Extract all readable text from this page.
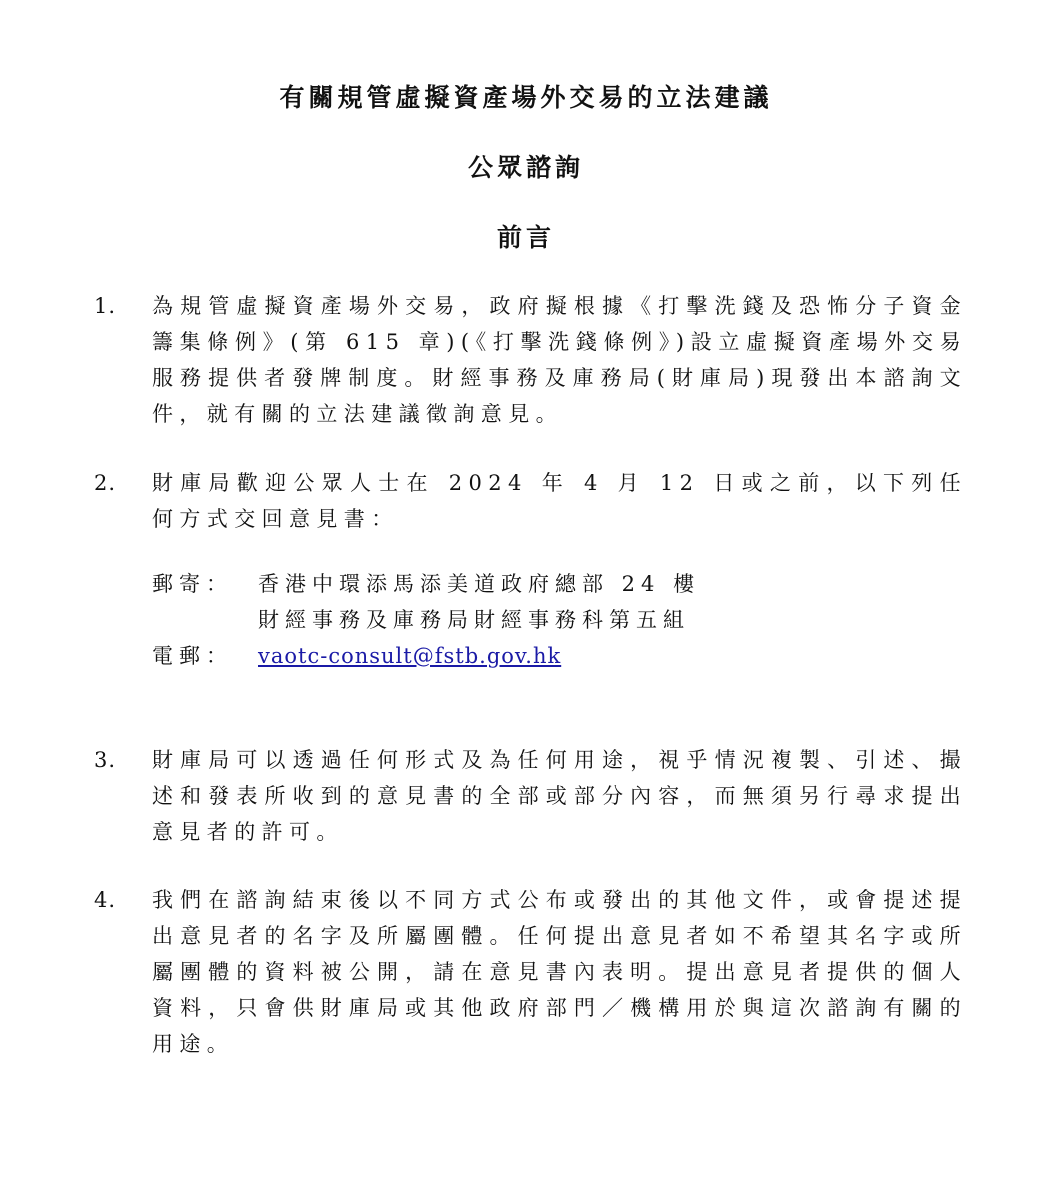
有關規管虛擬資產場外交易的立法建議
公眾諮詢
前言
1. 為規管虛擬資產場外交易，政府擬根據《打擊洗錢及恐怖分子資金籌集條例》(第 615 章)(《打擊洗錢條例》)設立虛擬資產場外交易服務提供者發牌制度。財經事務及庫務局(財庫局)現發出本諮詢文件，就有關的立法建議徵詢意見。
2. 財庫局歡迎公眾人士在 2024 年 4 月 12 日或之前，以下列任何方式交回意見書：
郵寄：	香港中環添馬添美道政府總部 24 樓
財經事務及庫務局財經事務科第五組
電郵：	vaotc-consult@fstb.gov.hk
3. 財庫局可以透過任何形式及為任何用途，視乎情況複製、引述、撮述和發表所收到的意見書的全部或部分內容，而無須另行尋求提出意見者的許可。
4. 我們在諮詢結束後以不同方式公布或發出的其他文件，或會提述提出意見者的名字及所屬團體。任何提出意見者如不希望其名字或所屬團體的資料被公開，請在意見書內表明。提出意見者提供的個人資料，只會供財庫局或其他政府部門／機構用於與這次諮詢有關的用途。
